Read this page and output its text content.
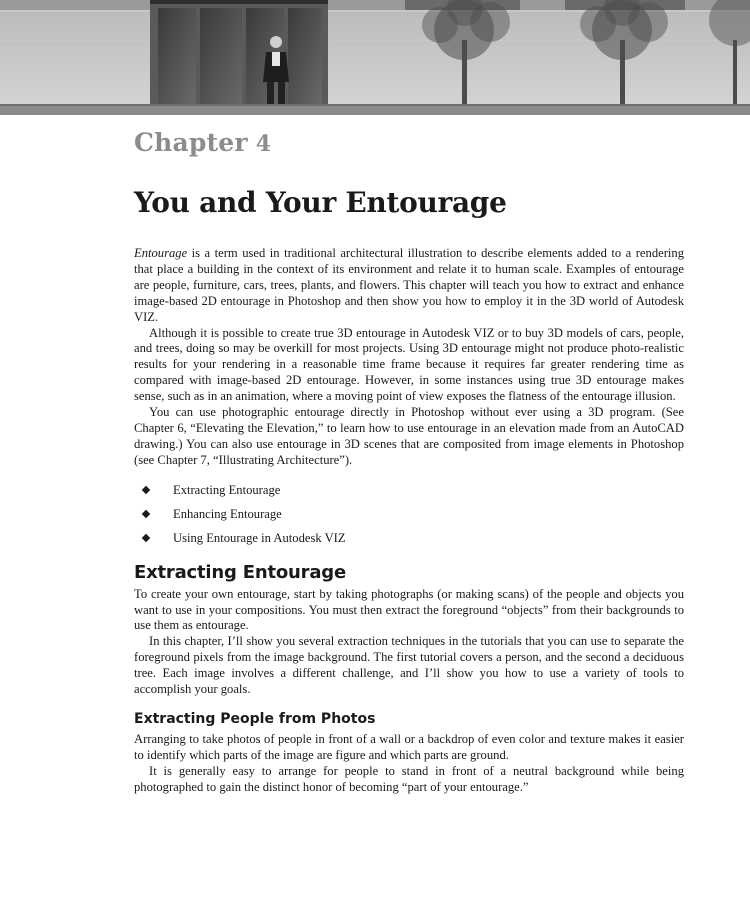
Chapter 4
You and Your Entourage

Entourage is a term used in traditional architectural illustration to describe elements added to a rendering that place a building in the context of its environment and relate it to human scale. Examples of entourage are people, furniture, cars, trees, plants, and flowers. This chapter will teach you how to extract and enhance image-based 2D entourage in Photoshop and then show you how to employ it in the 3D world of Autodesk VIZ.

Although it is possible to create true 3D entourage in Autodesk VIZ or to buy 3D models of cars, people, and trees, doing so may be overkill for most projects. Using 3D entourage might not produce photo-realistic results for your rendering in a reasonable time frame because it requires far greater rendering time as compared with image-based 2D entourage. However, in some instances using true 3D entourage makes sense, such as in an animation, where a moving point of view exposes the flatness of the entourage illusion.

You can use photographic entourage directly in Photoshop without ever using a 3D program. (See Chapter 6, “Elevating the Elevation,” to learn how to use entourage in an elevation made from an AutoCAD drawing.) You can also use entourage in 3D scenes that are composited from image elements in Photoshop (see Chapter 7, “Illustrating Architecture”).

Extracting Entourage
Enhancing Entourage
Using Entourage in Autodesk VIZ
Extracting Entourage

To create your own entourage, start by taking photographs (or making scans) of the people and objects you want to use in your compositions. You must then extract the foreground “objects” from their backgrounds to use them as entourage.

In this chapter, I’ll show you several extraction techniques in the tutorials that you can use to separate the foreground pixels from the image background. The first tutorial covers a person, and the second a deciduous tree. Each image involves a different challenge, and I’ll show you how to use a variety of tools to accomplish your goals.

Extracting People from Photos

Arranging to take photos of people in front of a wall or a backdrop of even color and texture makes it easier to identify which parts of the image are figure and which parts are ground.

It is generally easy to arrange for people to stand in front of a neutral background while being photographed to gain the distinct honor of becoming “part of your entourage.”
